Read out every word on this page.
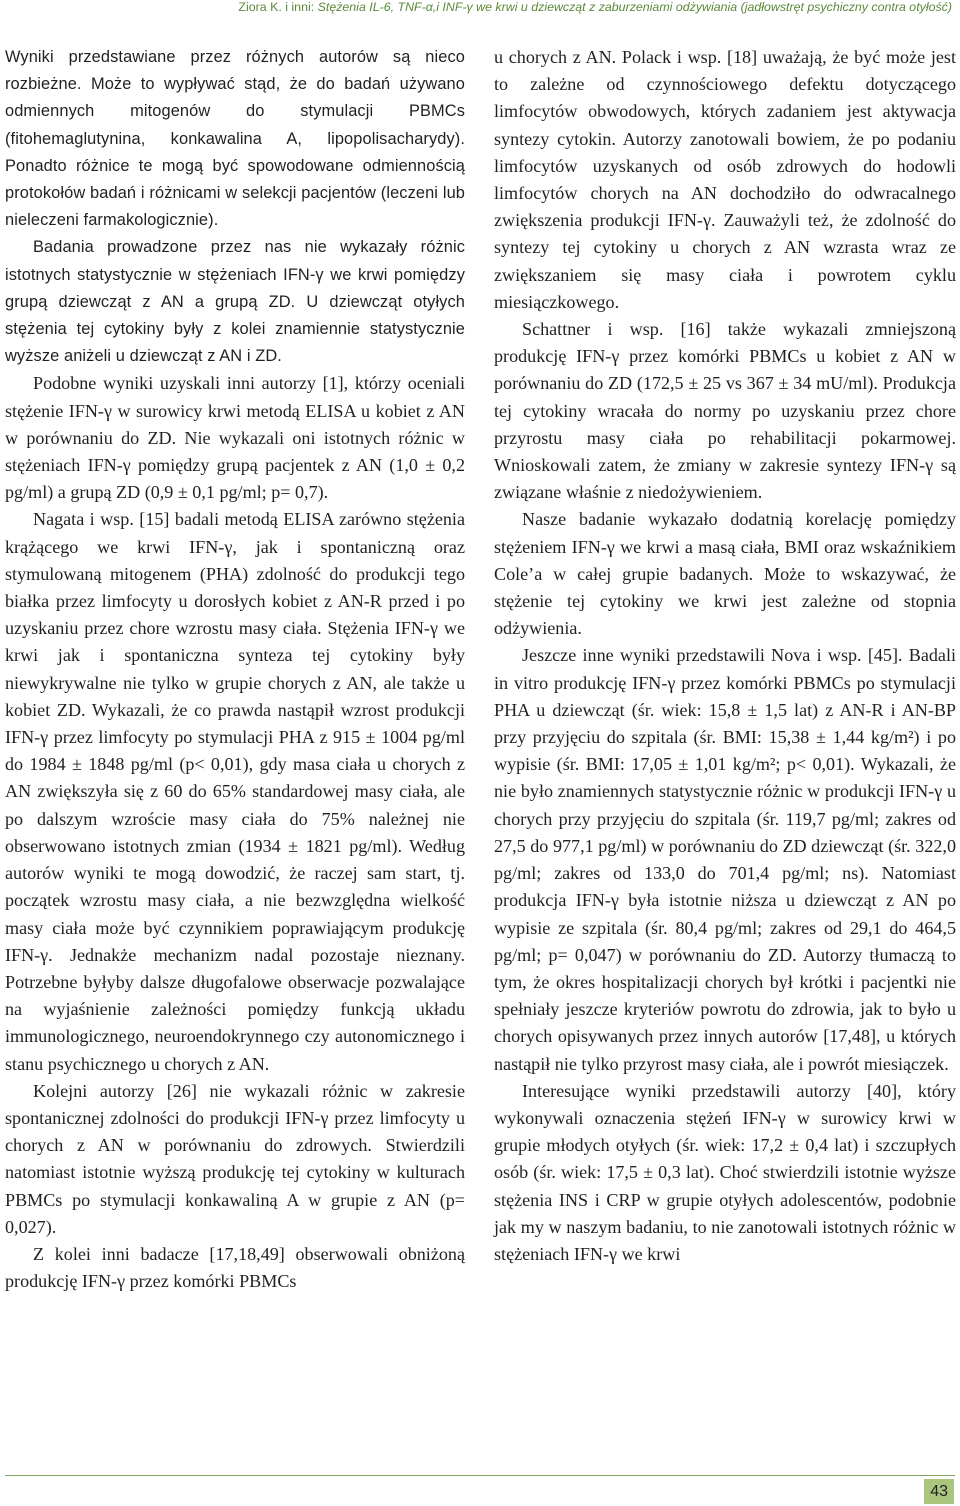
Ziora K. i inni: Stężenia IL-6, TNF-α,i INF-γ we krwi u dziewcząt z zaburzeniami odżywiania (jadłowstręt psychiczny contra otyłość)

Wyniki przedstawiane przez różnych autorów są nieco rozbieżne. Może to wypływać stąd, że do badań używano odmiennych mitogenów do stymulacji PBMCs (fitohemaglutynina, konkawalina A, lipopolisacharydy). Ponadto różnice te mogą być spowodowane odmiennością protokołów badań i różnicami w selekcji pacjentów (leczeni lub nieleczeni farmakologicznie).

Badania prowadzone przez nas nie wykazały różnic istotnych statystycznie w stężeniach IFN-γ we krwi pomiędzy grupą dziewcząt z AN a grupą ZD. U dziewcząt otyłych stężenia tej cytokiny były z kolei znamiennie statystycznie wyższe aniżeli u dziewcząt z AN i ZD.

Podobne wyniki uzyskali inni autorzy [1], którzy oceniali stężenie IFN-γ w surowicy krwi metodą ELISA u kobiet z AN w porównaniu do ZD. Nie wykazali oni istotnych różnic w stężeniach IFN-γ pomiędzy grupą pacjentek z AN (1,0 ± 0,2 pg/ml) a grupą ZD (0,9 ± 0,1 pg/ml; p= 0,7).

Nagata i wsp. [15] badali metodą ELISA zarówno stężenia krążącego we krwi IFN-γ, jak i spontaniczną oraz stymulowaną mitogenem (PHA) zdolność do produkcji tego białka przez limfocyty u dorosłych kobiet z AN-R przed i po uzyskaniu przez chore wzrostu masy ciała. Stężenia IFN-γ we krwi jak i spontaniczna synteza tej cytokiny były niewykrywalne nie tylko w grupie chorych z AN, ale także u kobiet ZD. Wykazali, że co prawda nastąpił wzrost produkcji IFN-γ przez limfocyty po stymulacji PHA z 915 ± 1004 pg/ml do 1984 ± 1848 pg/ml (p< 0,01), gdy masa ciała u chorych z AN zwiększyła się z 60 do 65% standardowej masy ciała, ale po dalszym wzroście masy ciała do 75% należnej nie obserwowano istotnych zmian (1934 ± 1821 pg/ml). Według autorów wyniki te mogą dowodzić, że raczej sam start, tj. początek wzrostu masy ciała, a nie bezwzględna wielkość masy ciała może być czynnikiem poprawiającym produkcję IFN-γ. Jednakże mechanizm nadal pozostaje nieznany. Potrzebne byłyby dalsze długofalowe obserwacje pozwalające na wyjaśnienie zależności pomiędzy funkcją układu immunologicznego, neuroendokrynnego czy autonomicznego i stanu psychicznego u chorych z AN.

Kolejni autorzy [26] nie wykazali różnic w zakresie spontanicznej zdolności do produkcji IFN-γ przez limfocyty u chorych z AN w porównaniu do zdrowych. Stwierdzili natomiast istotnie wyższą produkcję tej cytokiny w kulturach PBMCs po stymulacji konkawaliną A w grupie z AN (p= 0,027).

Z kolei inni badacze [17,18,49] obserwowali obniżoną produkcję IFN-γ przez komórki PBMCs

u chorych z AN. Polack i wsp. [18] uważają, że być może jest to zależne od czynnościowego defektu dotyczącego limfocytów obwodowych, których zadaniem jest aktywacja syntezy cytokin. Autorzy zanotowali bowiem, że po podaniu limfocytów uzyskanych od osób zdrowych do hodowli limfocytów chorych na AN dochodziło do odwracalnego zwiększenia produkcji IFN-γ. Zauważyli też, że zdolność do syntezy tej cytokiny u chorych z AN wzrasta wraz ze zwiększaniem się masy ciała i powrotem cyklu miesiączkowego.

Schattner i wsp. [16] także wykazali zmniejszoną produkcję IFN-γ przez komórki PBMCs u kobiet z AN w porównaniu do ZD (172,5 ± 25 vs 367 ± 34 mU/ml). Produkcja tej cytokiny wracała do normy po uzyskaniu przez chore przyrostu masy ciała po rehabilitacji pokarmowej. Wnioskowali zatem, że zmiany w zakresie syntezy IFN-γ są związane właśnie z niedożywieniem.

Nasze badanie wykazało dodatnią korelację pomiędzy stężeniem IFN-γ we krwi a masą ciała, BMI oraz wskaźnikiem Cole’a w całej grupie badanych. Może to wskazywać, że stężenie tej cytokiny we krwi jest zależne od stopnia odżywienia.

Jeszcze inne wyniki przedstawili Nova i wsp. [45]. Badali in vitro produkcję IFN-γ przez komórki PBMCs po stymulacji PHA u dziewcząt (śr. wiek: 15,8 ± 1,5 lat) z AN-R i AN-BP przy przyjęciu do szpitala (śr. BMI: 15,38 ± 1,44 kg/m²) i po wypisie (śr. BMI: 17,05 ± 1,01 kg/m²; p< 0,01). Wykazali, że nie było znamiennych statystycznie różnic w produkcji IFN-γ u chorych przy przyjęciu do szpitala (śr. 119,7 pg/ml; zakres od 27,5 do 977,1 pg/ml) w porównaniu do ZD dziewcząt (śr. 322,0 pg/ml; zakres od 133,0 do 701,4 pg/ml; ns). Natomiast produkcja IFN-γ była istotnie niższa u dziewcząt z AN po wypisie ze szpitala (śr. 80,4 pg/ml; zakres od 29,1 do 464,5 pg/ml; p= 0,047) w porównaniu do ZD. Autorzy tłumaczą to tym, że okres hospitalizacji chorych był krótki i pacjentki nie spełniały jeszcze kryteriów powrotu do zdrowia, jak to było u chorych opisywanych przez innych autorów [17,48], u których nastąpił nie tylko przyrost masy ciała, ale i powrót miesiączek.

Interesujące wyniki przedstawili autorzy [40], który wykonywali oznaczenia stężeń IFN-γ w surowicy krwi w grupie młodych otyłych (śr. wiek: 17,2 ± 0,4 lat) i szczupłych osób (śr. wiek: 17,5 ± 0,3 lat). Choć stwierdzili istotnie wyższe stężenia INS i CRP w grupie otyłych adolescentów, podobnie jak my w naszym badaniu, to nie zanotowali istotnych różnic w stężeniach IFN-γ we krwi

43
